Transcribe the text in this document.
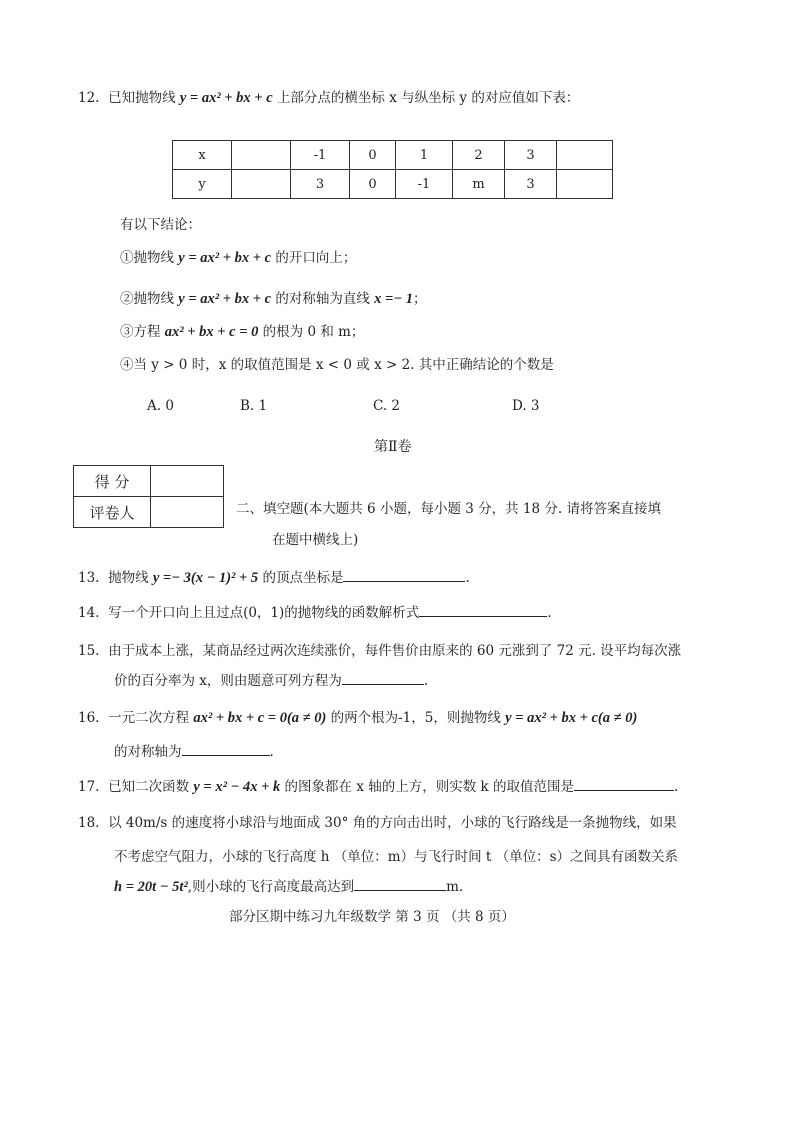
12. 已知抛物线 y = ax² + bx + c 上部分点的横坐标 x 与纵坐标 y 的对应值如下表：
x		-1	0	1	2	3	
y		3	0	-1	m	3	
有以下结论：
①抛物线 y = ax² + bx + c 的开口向上；
②抛物线 y = ax² + bx + c 的对称轴为直线 x =− 1；
③方程 ax² + bx + c = 0 的根为 0 和 m；
④当 y > 0 时，x 的取值范围是 x < 0 或 x > 2. 其中正确结论的个数是
A. 0	B. 1	C. 2	D. 3
第Ⅱ卷
得 分	
评卷人		二、填空题(本大题共 6 小题，每小题 3 分，共 18 分. 请将答案直接填
在题中横线上)
13. 抛物线 y =− 3(x − 1)² + 5 的顶点坐标是	.
14. 写一个开口向上且过点(0，1)的抛物线的函数解析式	.
15. 由于成本上涨，某商品经过两次连续涨价，每件售价由原来的 60 元涨到了 72 元. 设平均每次涨
价的百分率为 x，则由题意可列方程为	.
16. 一元二次方程 ax² + bx + c = 0(a ≠ 0) 的两个根为-1，5，则抛物线 y = ax² + bx + c(a ≠ 0)
的对称轴为	.
17. 已知二次函数 y = x² − 4x + k 的图象都在 x 轴的上方，则实数 k 的取值范围是	.
18. 以 40m/s 的速度将小球沿与地面成 30° 角的方向击出时，小球的飞行路线是一条抛物线，如果
不考虑空气阻力，小球的飞行高度 h （单位：m）与飞行时间 t （单位：s）之间具有函数关系
h = 20t − 5t²,则小球的飞行高度最高达到	m.
部分区期中练习九年级数学 第 3 页 （共 8 页）
